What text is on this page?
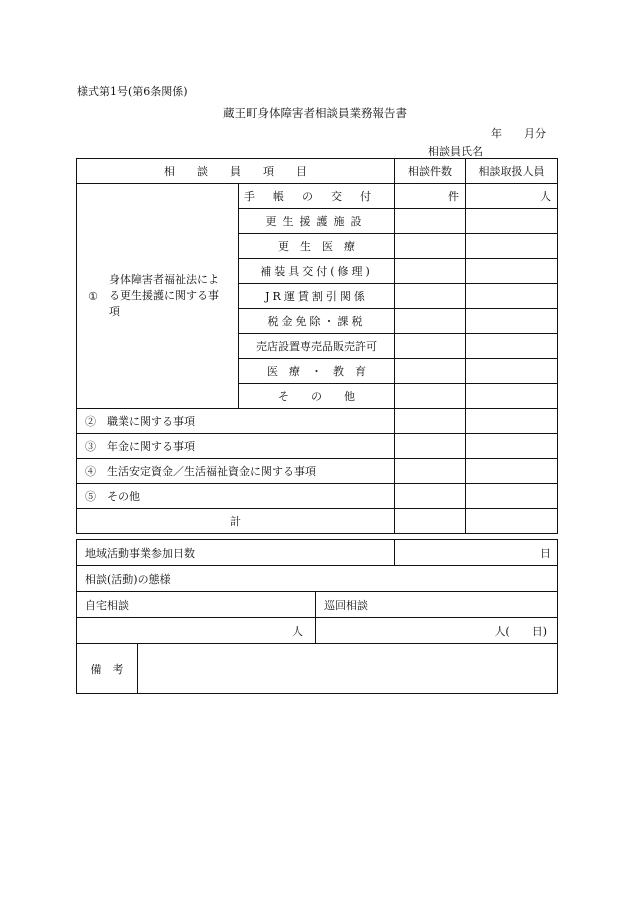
様式第1号(第6条関係)
蔵王町身体障害者相談員業務報告書
年　　月分
相談員氏名
相　　談　　員　　項　　目		相談件数	相談取扱人員

①
身体障害者福祉法による更生援護に関する事項	手帳の交付	件	人
	更生援護施設		
	更　生　医　療		
	補装具交付(修理)		
	JR運賃割引関係		
	税金免除・課税		
	売店設置専売品販売許可		
	医　療　・　教　育		
	そ　　の　　他		
②　職業に関する事項			
③　年金に関する事項			
④　生活安定資金／生活福祉資金に関する事項			
⑤　その他			
計			
地域活動事業参加日数			日
相談(活動)の態様			
自宅相談		巡回相談	
人		人(　　日)	
備　考			
